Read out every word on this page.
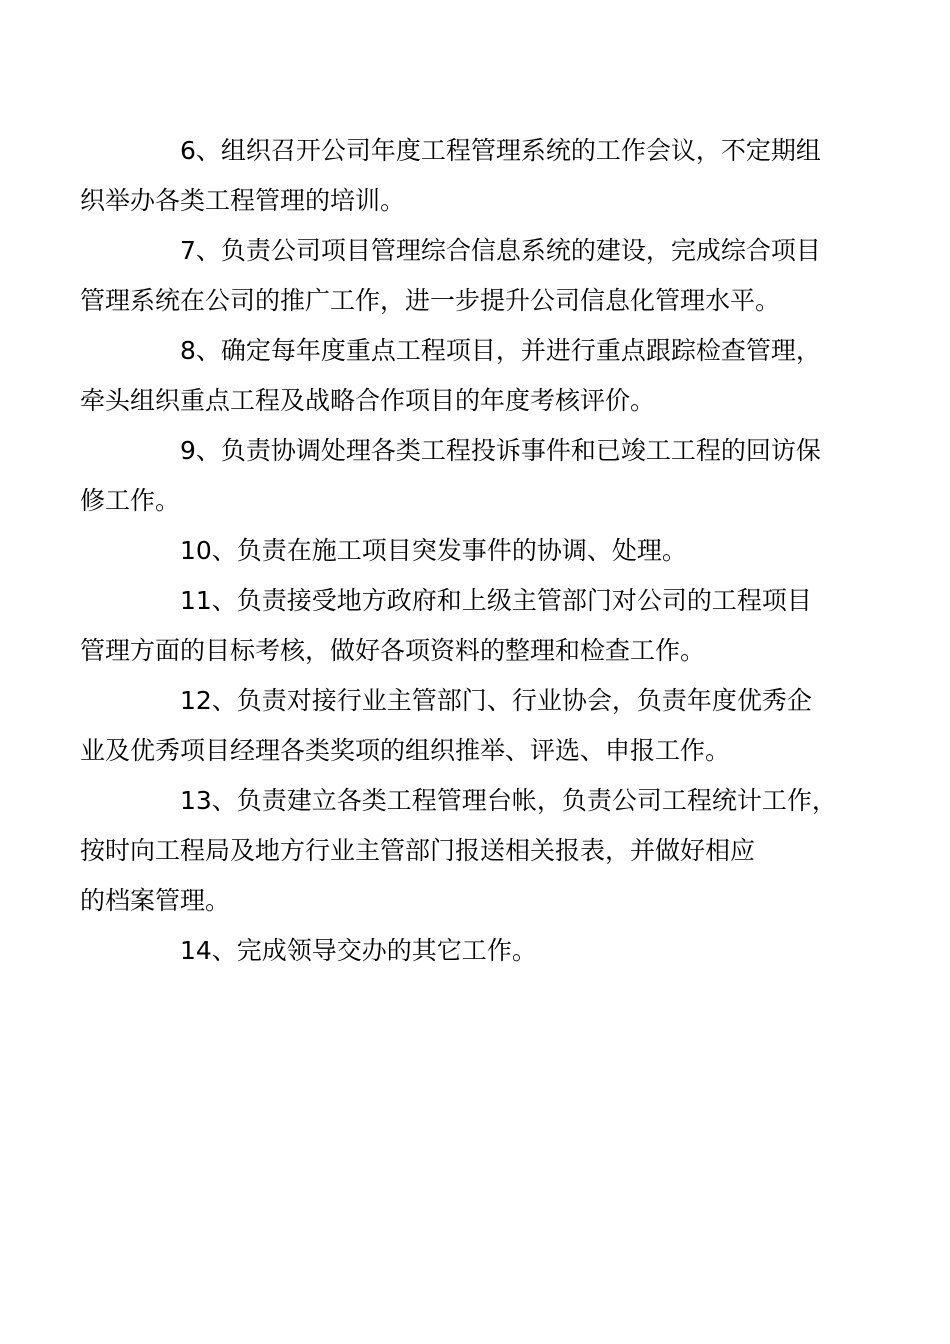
6、组织召开公司年度工程管理系统的工作会议，不定期组
织举办各类工程管理的培训。

7、负责公司项目管理综合信息系统的建设，完成综合项目
管理系统在公司的推广工作，进一步提升公司信息化管理水平。

8、确定每年度重点工程项目，并进行重点跟踪检查管理，
牵头组织重点工程及战略合作项目的年度考核评价。

9、负责协调处理各类工程投诉事件和已竣工工程的回访保
修工作。

10、负责在施工项目突发事件的协调、处理。

11、负责接受地方政府和上级主管部门对公司的工程项目
管理方面的目标考核，做好各项资料的整理和检查工作。

12、负责对接行业主管部门、行业协会，负责年度优秀企
业及优秀项目经理各类奖项的组织推举、评选、申报工作。

13、负责建立各类工程管理台帐，负责公司工程统计工作，
按时向工程局及地方行业主管部门报送相关报表，并做好相应
的档案管理。

14、完成领导交办的其它工作。
